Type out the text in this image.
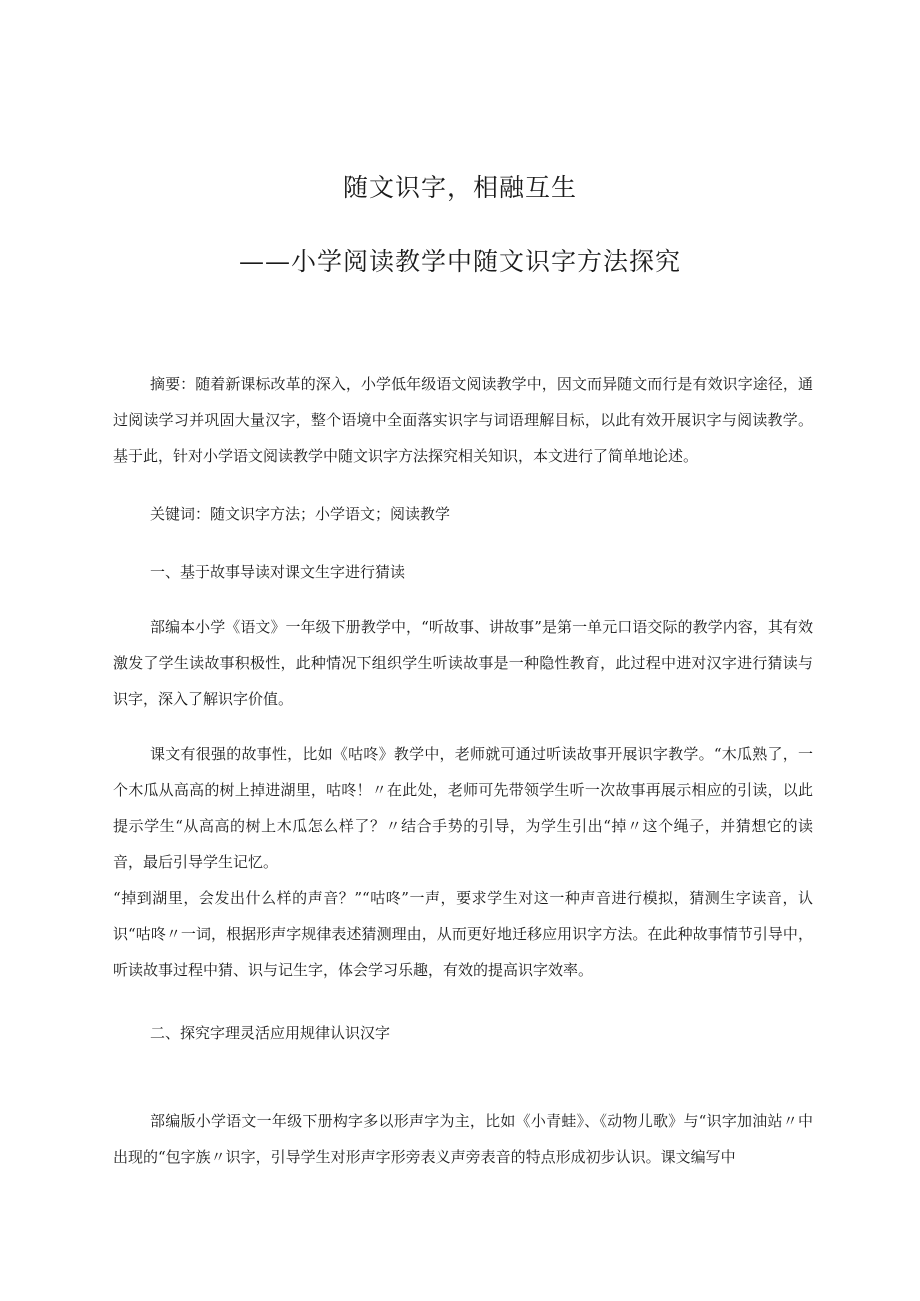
随文识字，相融互生
——小学阅读教学中随文识字方法探究

摘要：随着新课标改革的深入，小学低年级语文阅读教学中，因文而异随文而行是有效识字途径，通过阅读学习并巩固大量汉字，整个语境中全面落实识字与词语理解目标，以此有效开展识字与阅读教学。基于此，针对小学语文阅读教学中随文识字方法探究相关知识，本文进行了简单地论述。

关键词：随文识字方法；小学语文；阅读教学

一、基于故事导读对课文生字进行猜读

部编本小学《语文》一年级下册教学中，“听故事、讲故事”是第一单元口语交际的教学内容，其有效激发了学生读故事积极性，此种情况下组织学生听读故事是一种隐性教育，此过程中进对汉字进行猜读与识字，深入了解识字价值。

课文有很强的故事性，比如《咕咚》教学中，老师就可通过听读故事开展识字教学。“木瓜熟了，一个木瓜从高高的树上掉进湖里，咕咚！〃在此处，老师可先带领学生听一次故事再展示相应的引读，以此提示学生“从高高的树上木瓜怎么样了？〃结合手势的引导，为学生引出“掉〃这个绳子，并猜想它的读音，最后引导学生记忆。

“掉到湖里，会发出什么样的声音？”“咕咚”一声，要求学生对这一种声音进行模拟，猜测生字读音，认识“咕咚〃一词，根据形声字规律表述猜测理由，从而更好地迁移应用识字方法。在此种故事情节引导中，听读故事过程中猜、识与记生字，体会学习乐趣，有效的提高识字效率。

二、探究字理灵活应用规律认识汉字

部编版小学语文一年级下册构字多以形声字为主，比如《小青蛙》、《动物儿歌》与“识字加油站〃中出现的“包字族〃识字，引导学生对形声字形旁表义声旁表音的特点形成初步认识。课文编写中
